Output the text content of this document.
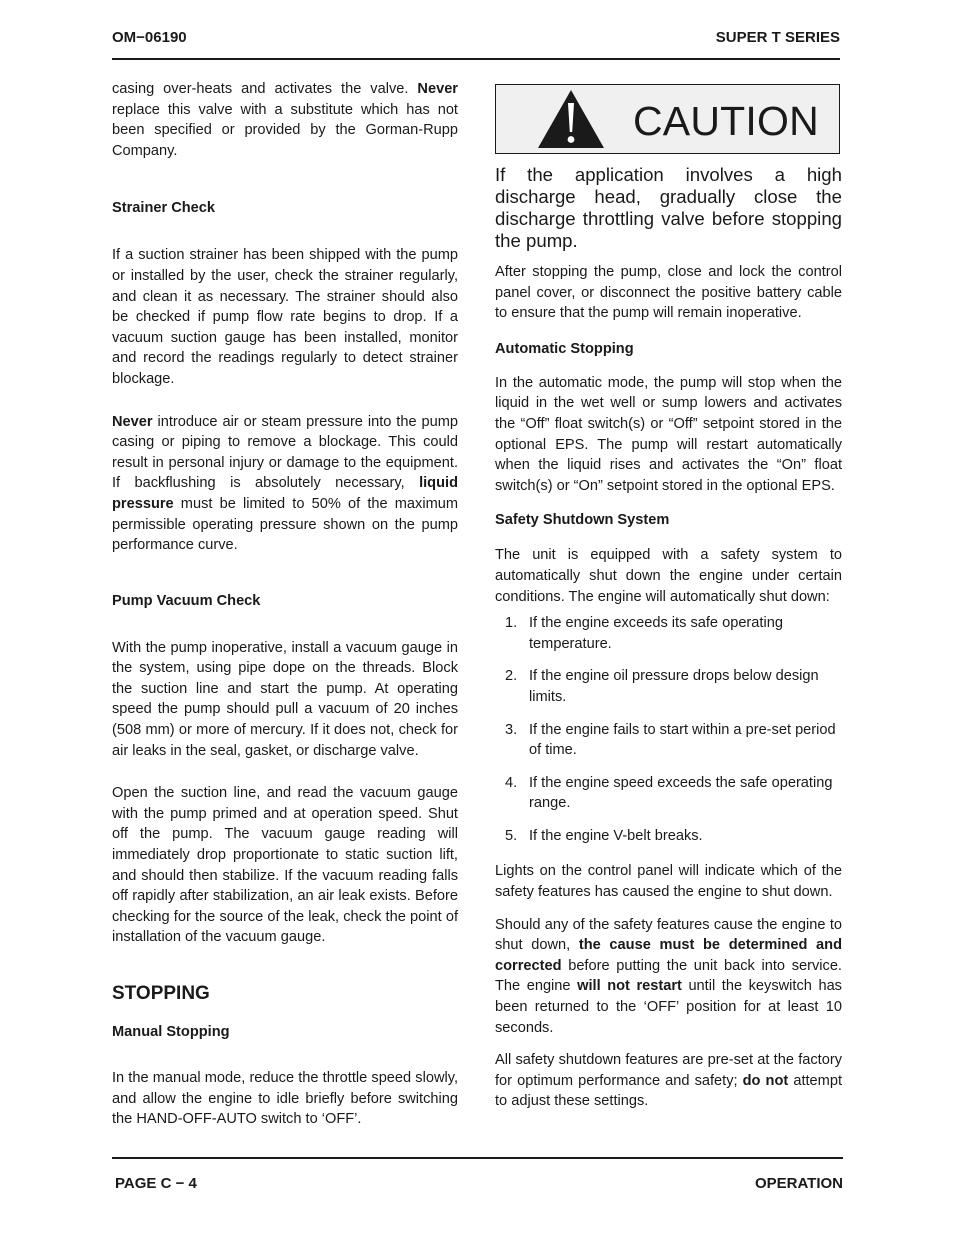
OM−06190	SUPER T SERIES

casing over-heats and activates the valve. Never replace this valve with a substitute which has not been specified or provided by the Gorman-Rupp Company.

Strainer Check

If a suction strainer has been shipped with the pump or installed by the user, check the strainer regularly, and clean it as necessary. The strainer should also be checked if pump flow rate begins to drop. If a vacuum suction gauge has been installed, monitor and record the readings regularly to detect strainer blockage.

Never introduce air or steam pressure into the pump casing or piping to remove a blockage. This could result in personal injury or damage to the equipment. If backflushing is absolutely necessary, liquid pressure must be limited to 50% of the maximum permissible operating pressure shown on the pump performance curve.

Pump Vacuum Check

With the pump inoperative, install a vacuum gauge in the system, using pipe dope on the threads. Block the suction line and start the pump. At operating speed the pump should pull a vacuum of 20 inches (508 mm) or more of mercury. If it does not, check for air leaks in the seal, gasket, or discharge valve.

Open the suction line, and read the vacuum gauge with the pump primed and at operation speed. Shut off the pump. The vacuum gauge reading will immediately drop proportionate to static suction lift, and should then stabilize. If the vacuum reading falls off rapidly after stabilization, an air leak exists. Before checking for the source of the leak, check the point of installation of the vacuum gauge.

STOPPING
Manual Stopping

In the manual mode, reduce the throttle speed slowly, and allow the engine to idle briefly before switching the HAND-OFF-AUTO switch to ‘OFF’.

CAUTION

If the application involves a high discharge head, gradually close the discharge throttling valve before stopping the pump.

After stopping the pump, close and lock the control panel cover, or disconnect the positive battery cable to ensure that the pump will remain inoperative.

Automatic Stopping

In the automatic mode, the pump will stop when the liquid in the wet well or sump lowers and activates the “Off” float switch(s) or “Off” setpoint stored in the optional EPS. The pump will restart automatically when the liquid rises and activates the “On” float switch(s) or “On” setpoint stored in the optional EPS.

Safety Shutdown System

The unit is equipped with a safety system to automatically shut down the engine under certain conditions. The engine will automatically shut down:

1. If the engine exceeds its safe operating temperature.
2. If the engine oil pressure drops below design limits.
3. If the engine fails to start within a pre-set period of time.
4. If the engine speed exceeds the safe operating range.
5. If the engine V-belt breaks.

Lights on the control panel will indicate which of the safety features has caused the engine to shut down.

Should any of the safety features cause the engine to shut down, the cause must be determined and corrected before putting the unit back into service. The engine will not restart until the keyswitch has been returned to the ‘OFF’ position for at least 10 seconds.

All safety shutdown features are pre-set at the factory for optimum performance and safety; do not attempt to adjust these settings.

PAGE C − 4	OPERATION
